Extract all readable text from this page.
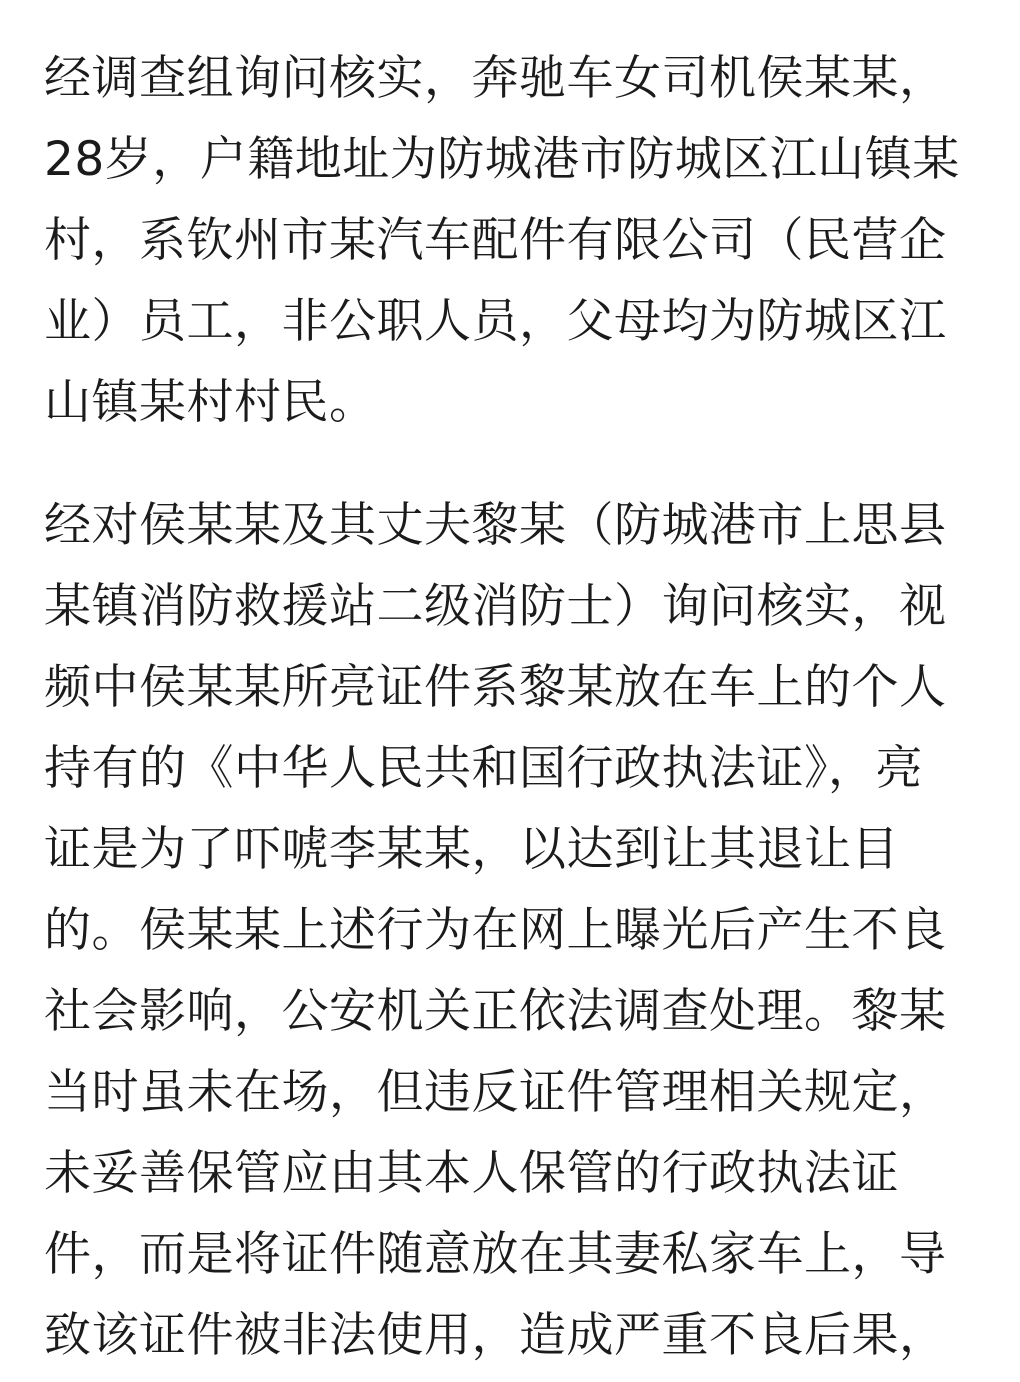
经调查组询问核实，奔驰车女司机侯某某，
28岁，户籍地址为防城港市防城区江山镇某
村，系钦州市某汽车配件有限公司（民营企
业）员工，非公职人员，父母均为防城区江
山镇某村村民。

经对侯某某及其丈夫黎某（防城港市上思县
某镇消防救援站二级消防士）询问核实，视
频中侯某某所亮证件系黎某放在车上的个人
持有的《中华人民共和国行政执法证》，亮
证是为了吓唬李某某，以达到让其退让目
的。侯某某上述行为在网上曝光后产生不良
社会影响，公安机关正依法调查处理。黎某
当时虽未在场，但违反证件管理相关规定，
未妥善保管应由其本人保管的行政执法证
件，而是将证件随意放在其妻私家车上，导
致该证件被非法使用，造成严重不良后果，
